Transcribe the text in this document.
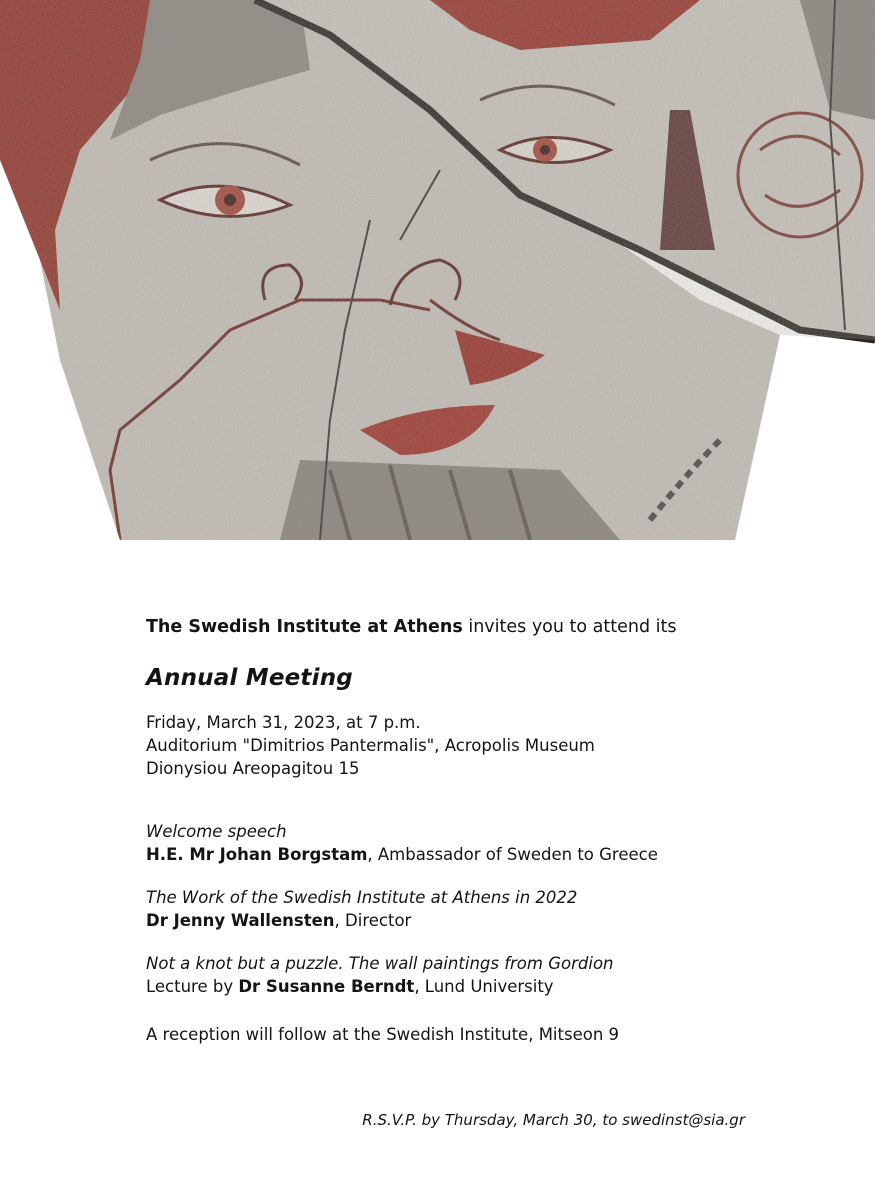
The Swedish Institute at Athens invites you to attend its

Annual Meeting

Friday, March 31, 2023, at 7 p.m.

Auditorium "Dimitrios Pantermalis", Acropolis Museum

Dionysiou Areopagitou 15

Welcome speech

H.E. Mr Johan Borgstam, Ambassador of Sweden to Greece

The Work of the Swedish Institute at Athens in 2022

Dr Jenny Wallensten, Director

Not a knot but a puzzle. The wall paintings from Gordion

Lecture by Dr Susanne Berndt, Lund University

A reception will follow at the Swedish Institute, Mitseon 9

R.S.V.P. by Thursday, March 30, to swedinst@sia.gr
